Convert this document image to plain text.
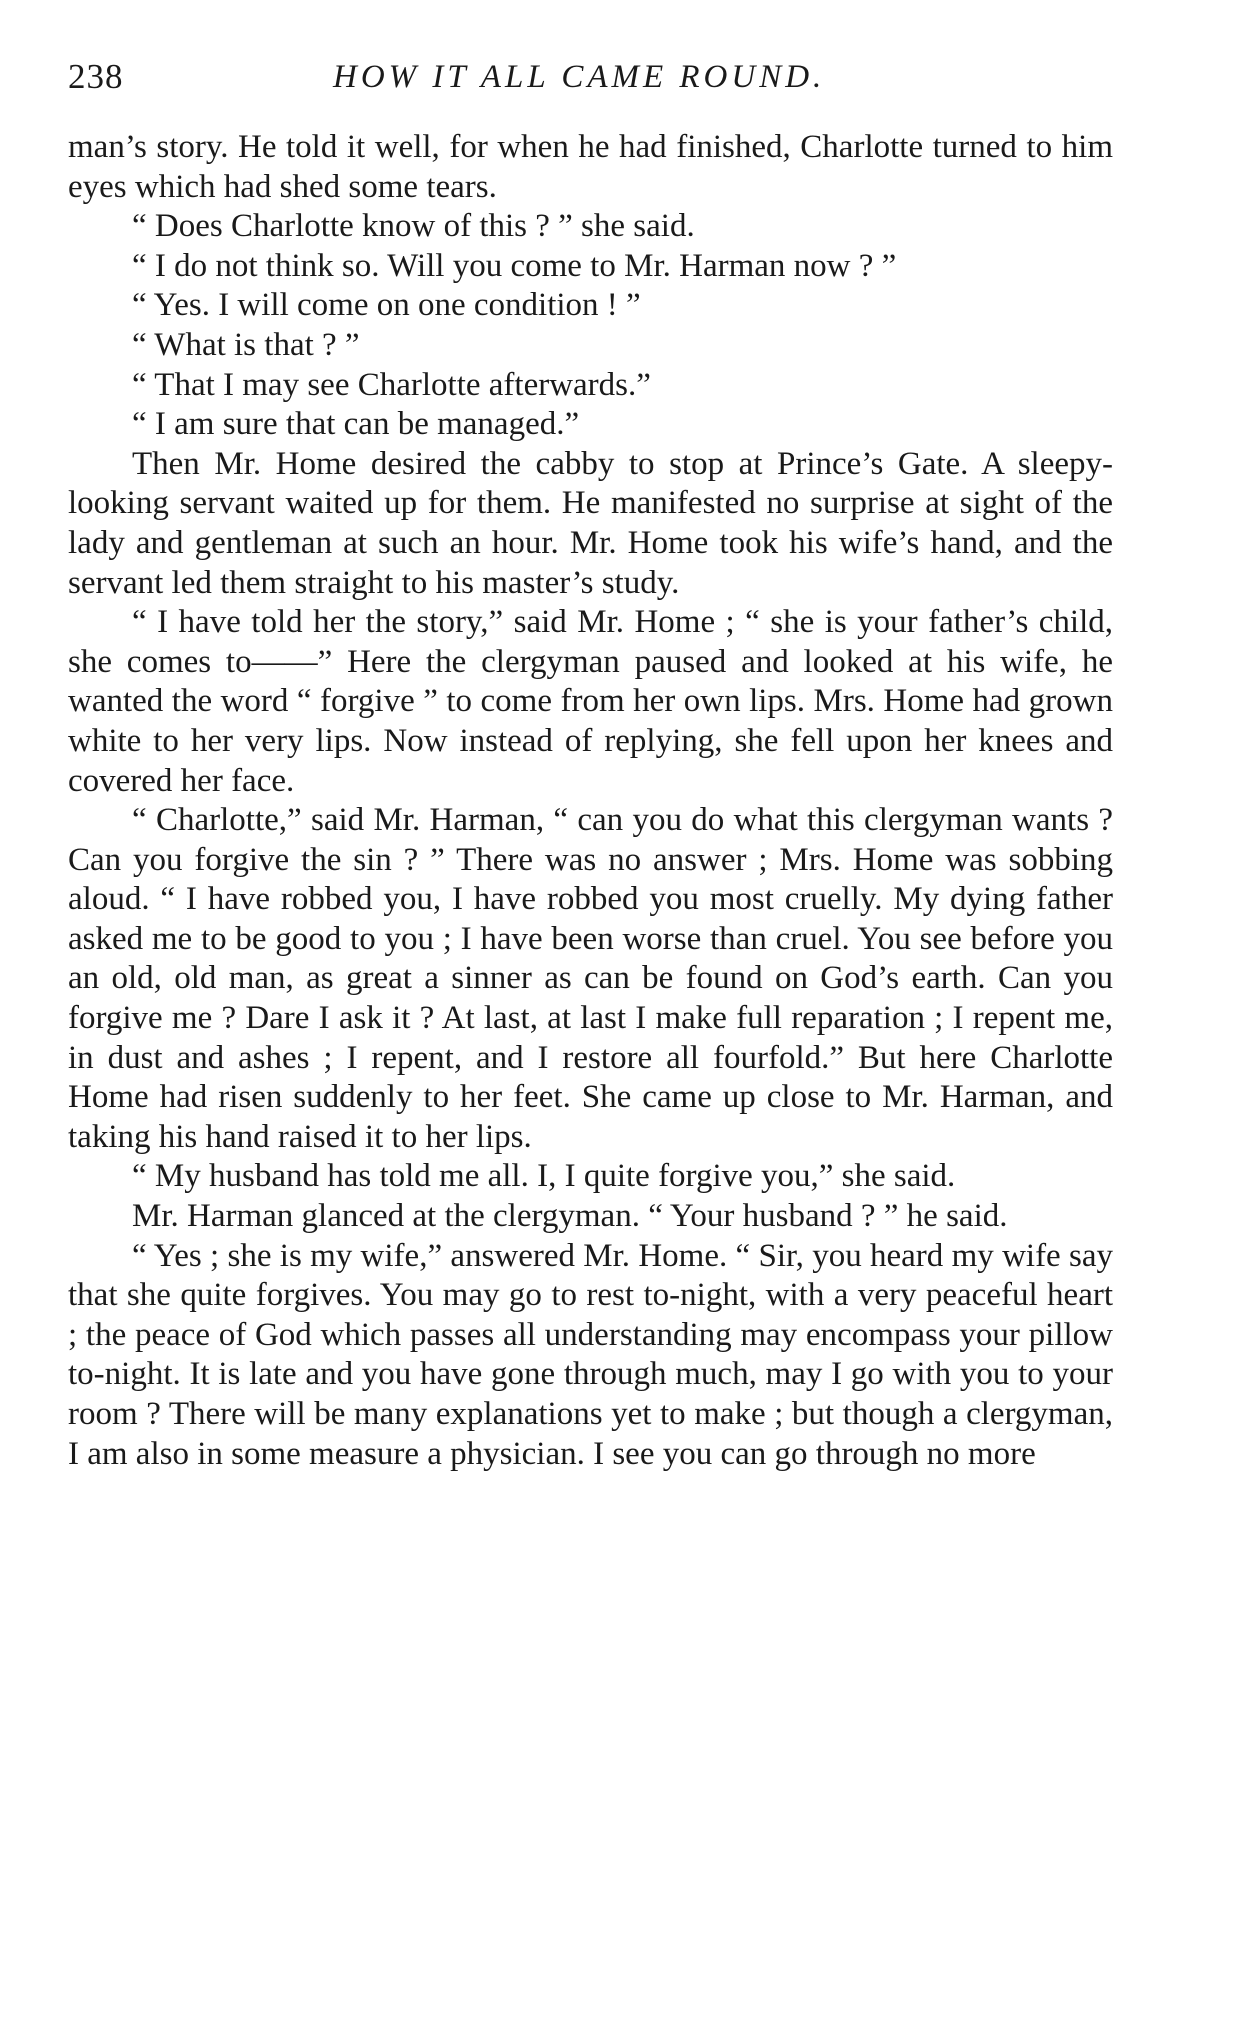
238	HOW IT ALL CAME ROUND.

man’s story. He told it well, for when he had finished, Charlotte turned to him eyes which had shed some tears.

“ Does Charlotte know of this ? ” she said.

“ I do not think so. Will you come to Mr. Harman now ? ”

“ Yes. I will come on one condition ! ”

“ What is that ? ”

“ That I may see Charlotte afterwards.”

“ I am sure that can be managed.”

Then Mr. Home desired the cabby to stop at Prince’s Gate. A sleepy-looking servant waited up for them. He manifested no surprise at sight of the lady and gentleman at such an hour. Mr. Home took his wife’s hand, and the servant led them straight to his master’s study.

“ I have told her the story,” said Mr. Home ; “ she is your father’s child, she comes to——” Here the clergyman paused and looked at his wife, he wanted the word “ forgive ” to come from her own lips. Mrs. Home had grown white to her very lips. Now instead of replying, she fell upon her knees and covered her face.

“ Charlotte,” said Mr. Harman, “ can you do what this clergyman wants ? Can you forgive the sin ? ” There was no answer ; Mrs. Home was sobbing aloud. “ I have robbed you, I have robbed you most cruelly. My dying father asked me to be good to you ; I have been worse than cruel. You see before you an old, old man, as great a sinner as can be found on God’s earth. Can you forgive me ? Dare I ask it ? At last, at last I make full reparation ; I repent me, in dust and ashes ; I repent, and I restore all fourfold.” But here Charlotte Home had risen suddenly to her feet. She came up close to Mr. Harman, and taking his hand raised it to her lips.

“ My husband has told me all. I, I quite forgive you,” she said.

Mr. Harman glanced at the clergyman. “ Your husband ? ” he said.

“ Yes ; she is my wife,” answered Mr. Home. “ Sir, you heard my wife say that she quite forgives. You may go to rest to-night, with a very peaceful heart ; the peace of God which passes all understanding may encompass your pillow to-night. It is late and you have gone through much, may I go with you to your room ? There will be many explanations yet to make ; but though a clergyman, I am also in some measure a physician. I see you can go through no more
